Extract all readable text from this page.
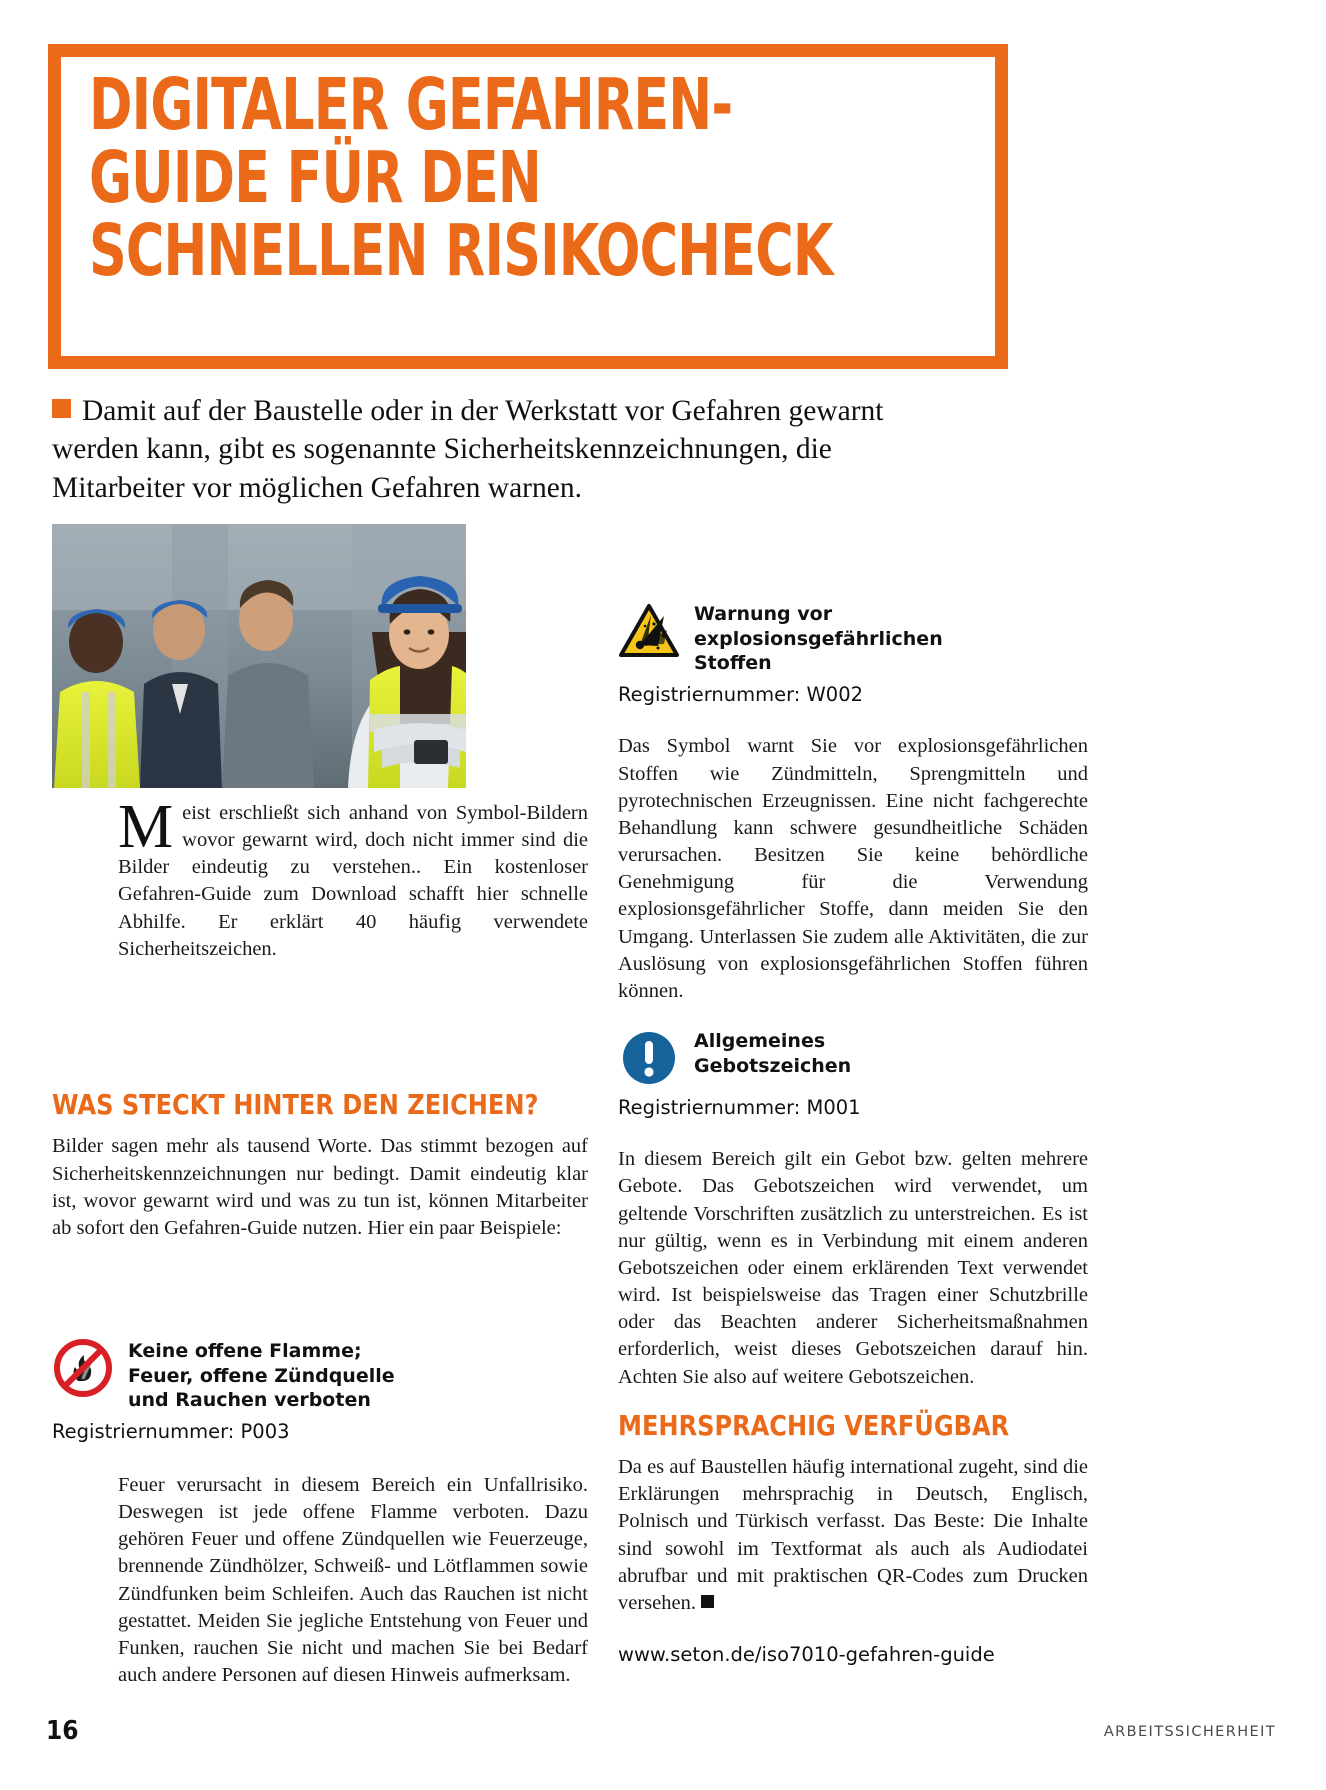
DIGITALER GEFAHREN-
GUIDE FÜR DEN
SCHNELLEN RISIKOCHECK
Damit auf der Baustelle oder in der Werkstatt vor Gefahren gewarnt werden kann, gibt es sogenannte Sicherheitskennzeichnungen, die Mitarbeiter vor möglichen Gefahren warnen.

Meist erschließt sich anhand von Symbol-Bildern wovor gewarnt wird, doch nicht immer sind die Bilder eindeutig zu verstehen.. Ein kostenloser Gefahren-Guide zum Download schafft hier schnelle Abhilfe. Er erklärt 40 häufig verwendete Sicherheitszeichen.

WAS STECKT HINTER DEN ZEICHEN?

Bilder sagen mehr als tausend Worte. Das stimmt bezogen auf Sicherheitskennzeichnungen nur bedingt. Damit eindeutig klar ist, wovor gewarnt wird und was zu tun ist, können Mitarbeiter ab sofort den Gefahren-Guide nutzen. Hier ein paar Beispiele:

Keine offene Flamme;
Feuer, offene Zündquelle
und Rauchen verboten
Registriernummer: P003

Feuer verursacht in diesem Bereich ein Unfallrisiko. Deswegen ist jede offene Flamme verboten. Dazu gehören Feuer und offene Zündquellen wie Feuerzeuge, brennende Zündhölzer, Schweiß- und Lötflammen sowie Zündfunken beim Schleifen. Auch das Rauchen ist nicht gestattet. Meiden Sie jegliche Entstehung von Feuer und Funken, rauchen Sie nicht und machen Sie bei Bedarf auch andere Personen auf diesen Hinweis aufmerksam.

Warnung vor
explosionsgefährlichen
Stoffen
Registriernummer: W002

Das Symbol warnt Sie vor explosionsgefährlichen Stoffen wie Zündmitteln, Sprengmitteln und pyrotechnischen Erzeugnissen. Eine nicht fachgerechte Behandlung kann schwere gesundheitliche Schäden verursachen. Besitzen Sie keine behördliche Genehmigung für die Verwendung explosionsgefährlicher Stoffe, dann meiden Sie den Umgang. Unterlassen Sie zudem alle Aktivitäten, die zur Auslösung von explosionsgefährlichen Stoffen führen können.

Allgemeines
Gebotszeichen
Registriernummer: M001

In diesem Bereich gilt ein Gebot bzw. gelten mehrere Gebote. Das Gebotszeichen wird verwendet, um geltende Vorschriften zusätzlich zu unterstreichen. Es ist nur gültig, wenn es in Verbindung mit einem anderen Gebotszeichen oder einem erklärenden Text verwendet wird. Ist beispielsweise das Tragen einer Schutzbrille oder das Beachten anderer Sicherheitsmaßnahmen erforderlich, weist dieses Gebotszeichen darauf hin. Achten Sie also auf weitere Gebotszeichen.

MEHRSPRACHIG VERFÜGBAR

Da es auf Baustellen häufig international zugeht, sind die Erklärungen mehrsprachig in Deutsch, Englisch, Polnisch und Türkisch verfasst. Das Beste: Die Inhalte sind sowohl im Textformat als auch als Audiodatei abrufbar und mit praktischen QR-Codes zum Drucken versehen.

www.seton.de/iso7010-gefahren-guide
16	ARBEITSSICHERHEIT
